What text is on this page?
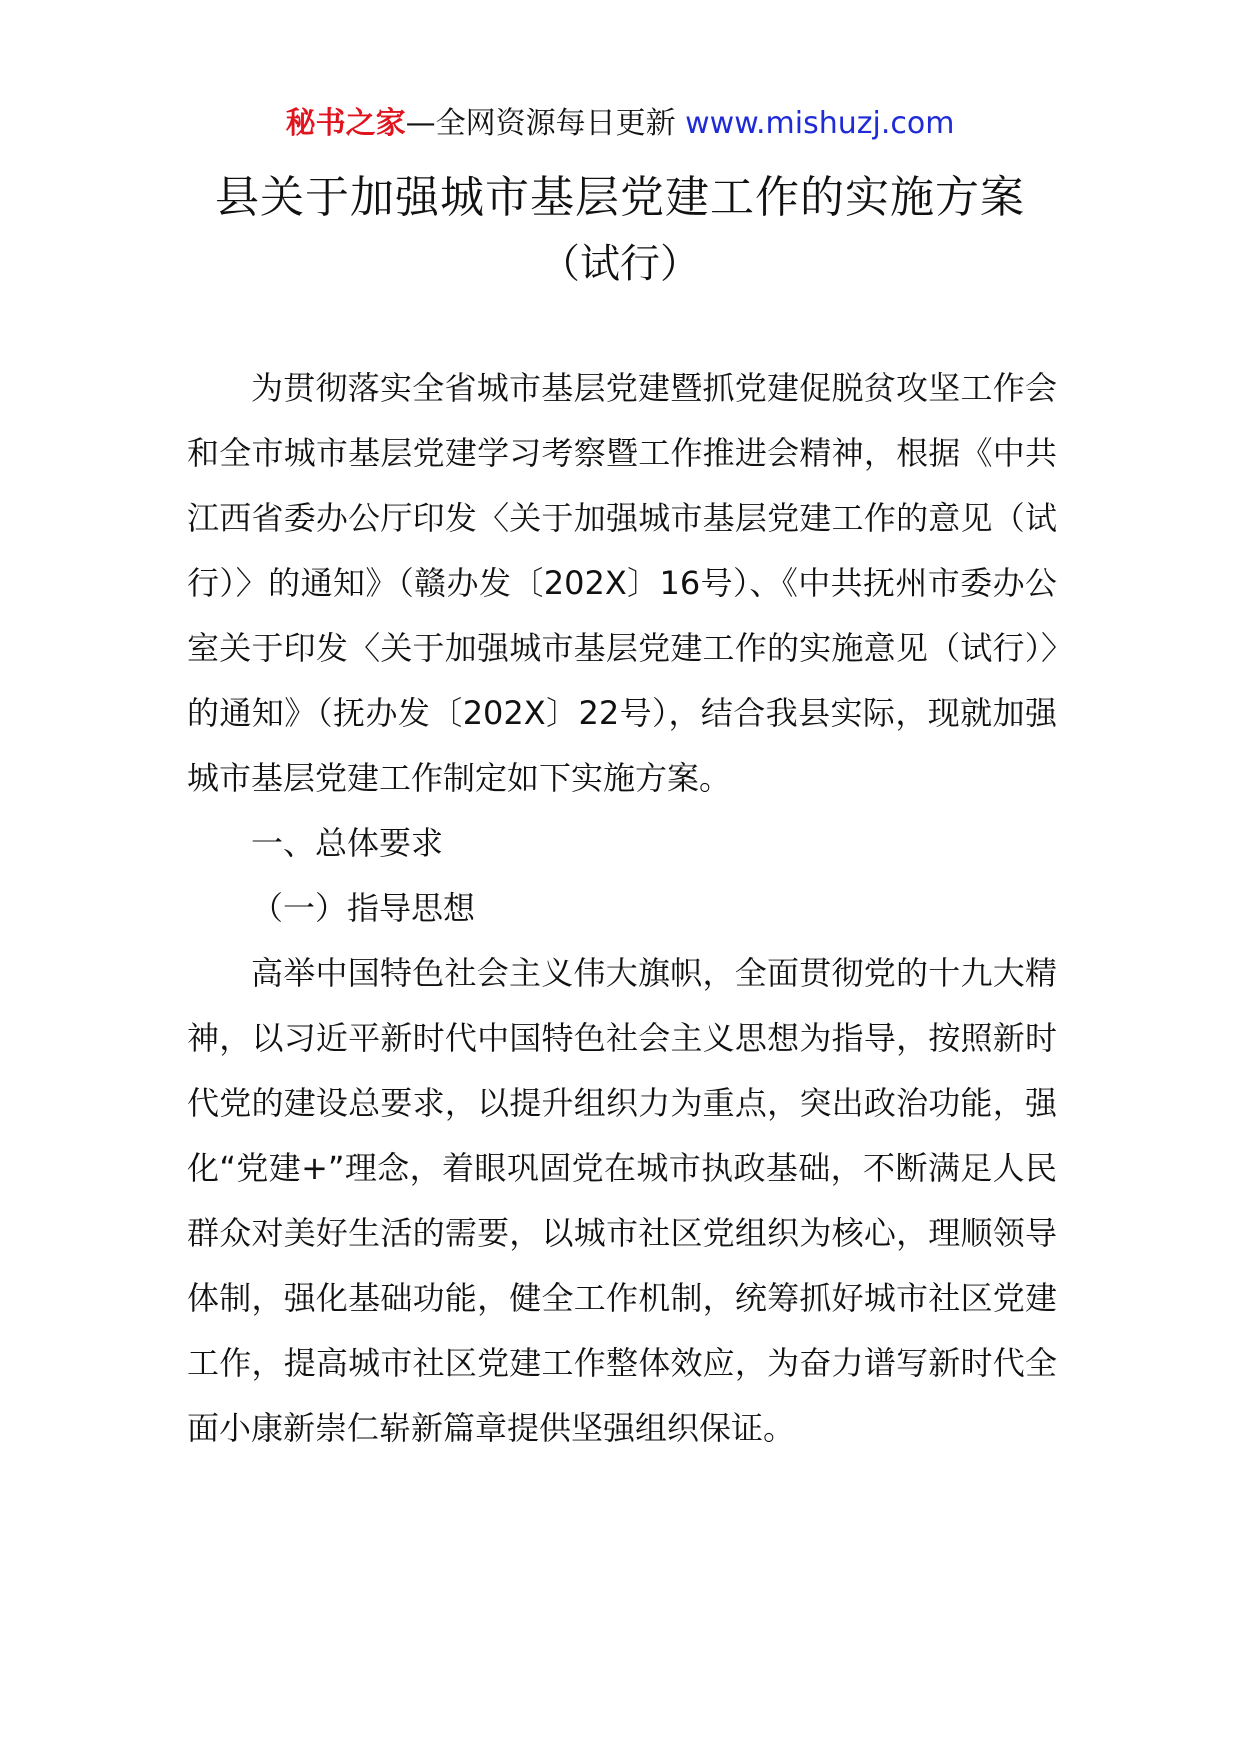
秘书之家—全网资源每日更新 www.mishuzj.com
县关于加强城市基层党建工作的实施方案
（试行）

为贯彻落实全省城市基层党建暨抓党建促脱贫攻坚工作会和全市城市基层党建学习考察暨工作推进会精神，根据《中共江西省委办公厅印发〈关于加强城市基层党建工作的意见（试行）〉的通知》（赣办发〔202X〕16号）、《中共抚州市委办公室关于印发〈关于加强城市基层党建工作的实施意见（试行）〉的通知》（抚办发〔202X〕22号），结合我县实际，现就加强城市基层党建工作制定如下实施方案。

一、总体要求

（一）指导思想

高举中国特色社会主义伟大旗帜，全面贯彻党的十九大精神，以习近平新时代中国特色社会主义思想为指导，按照新时代党的建设总要求，以提升组织力为重点，突出政治功能，强化“党建+”理念，着眼巩固党在城市执政基础，不断满足人民群众对美好生活的需要，以城市社区党组织为核心，理顺领导体制，强化基础功能，健全工作机制，统筹抓好城市社区党建工作，提高城市社区党建工作整体效应，为奋力谱写新时代全面小康新崇仁崭新篇章提供坚强组织保证。
